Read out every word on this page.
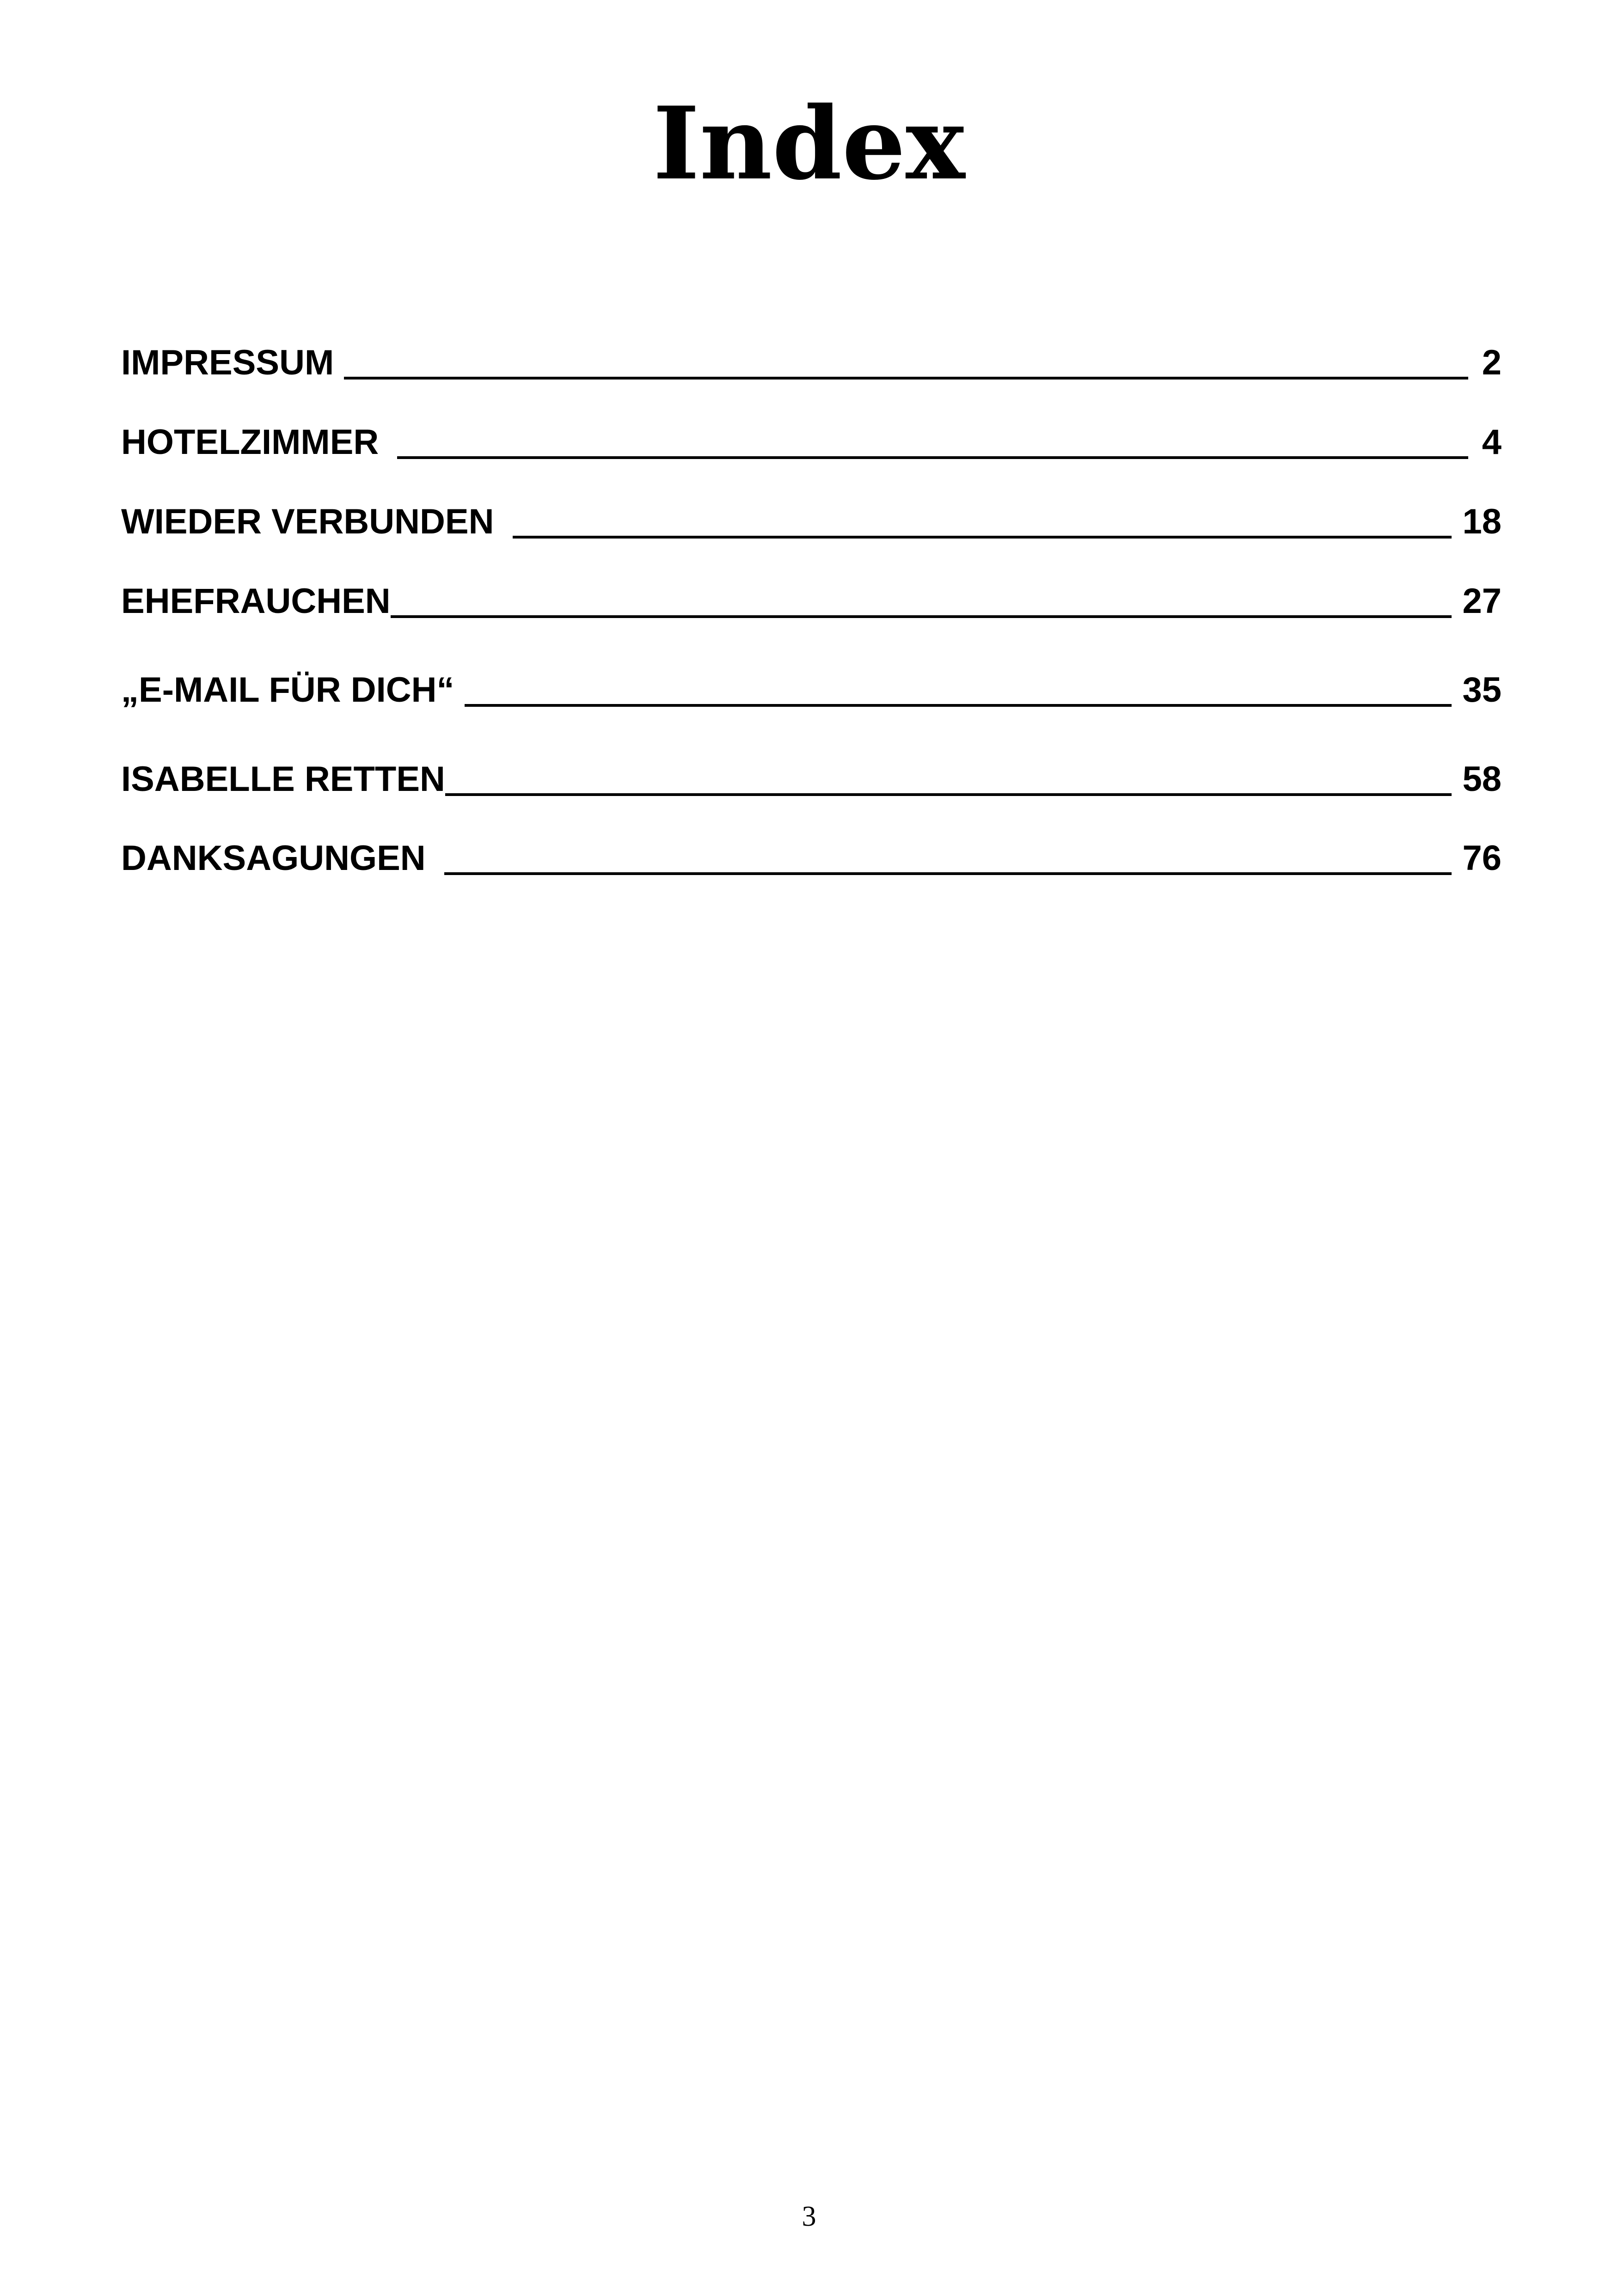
Index
IMPRESSUM	2
HOTELZIMMER	4
WIEDER VERBUNDEN	18
EHEFRAUCHEN	27
„E-MAIL FÜR DICH“	35
ISABELLE RETTEN	58
DANKSAGUNGEN	76
3
